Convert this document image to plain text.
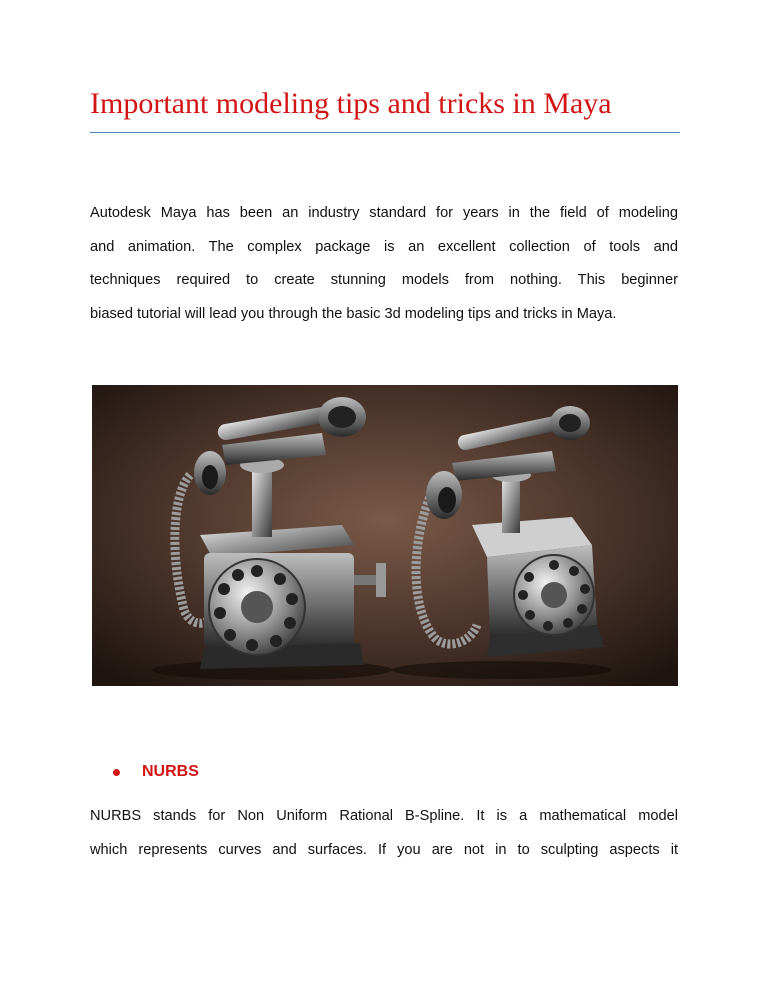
Important modeling tips and tricks in Maya
Autodesk Maya has been an industry standard for years in the field of modeling
and animation. The complex package is an excellent collection of tools and
techniques required to create stunning models from nothing. This beginner
biased tutorial will lead you through the basic 3d modeling tips and tricks in Maya.
NURBS
NURBS stands for Non Uniform Rational B-Spline. It is a mathematical model
which represents curves and surfaces. If you are not in to sculpting aspects it
